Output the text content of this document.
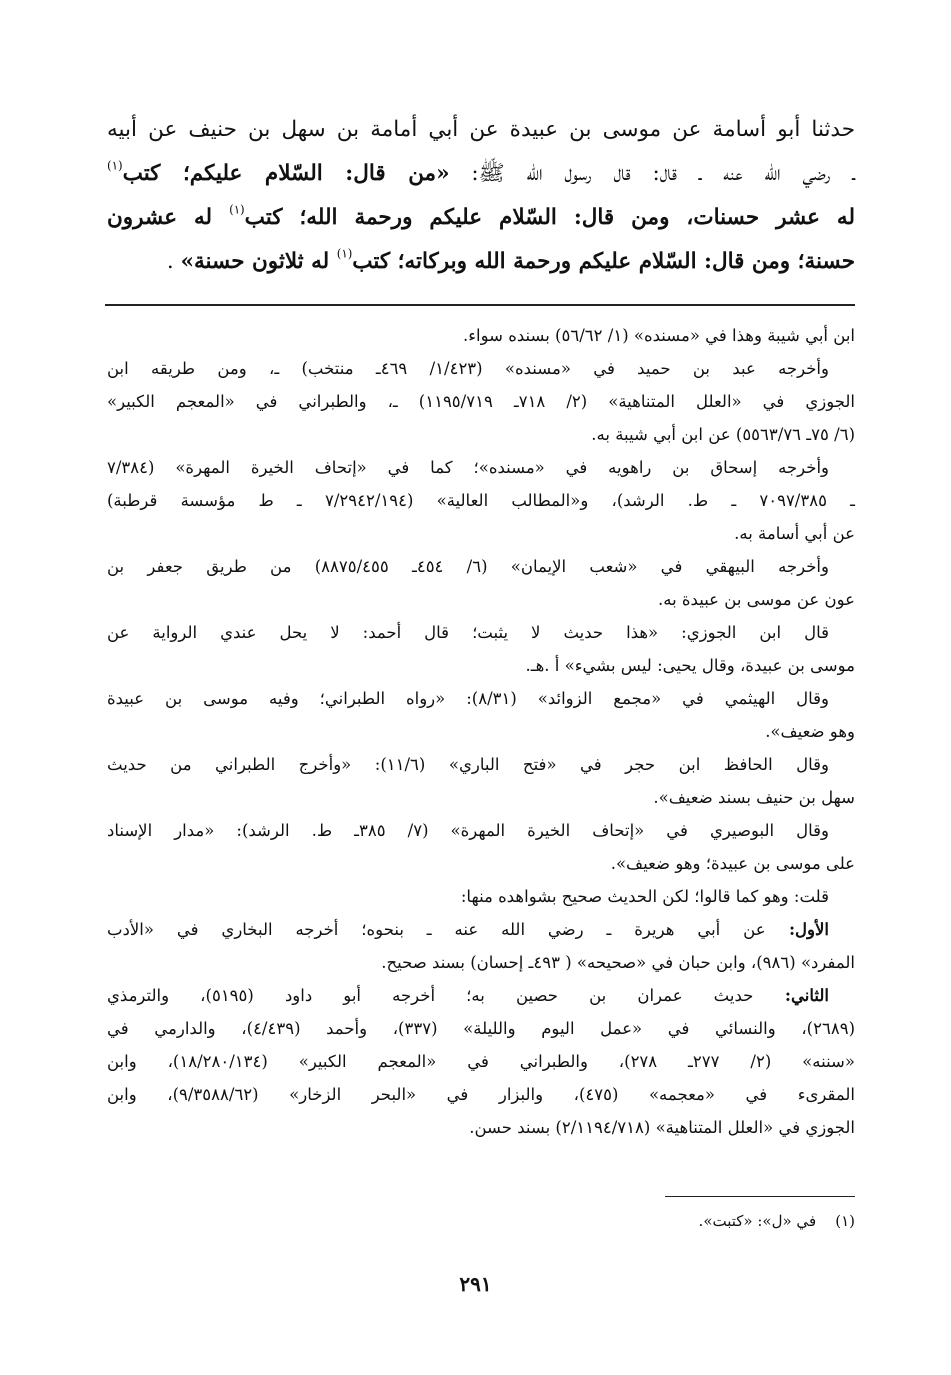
حدثنا أبو أسامة عن موسى بن عبيدة عن أبي أمامة بن سهل بن حنيف عن أبيه
ـ رضي الله عنه ـ قال: قال رسول الله ﷺ: «من قال: السّلام عليكم؛ كتب$^{(١)}$
له عشر حسنات، ومن قال: السّلام عليكم ورحمة الله؛ كتب$^{(١)}$ له عشرون
حسنة؛ ومن قال: السّلام عليكم ورحمة الله وبركاته؛ كتب$^{(١)}$ له ثلاثون حسنة» .
ابن أبي شيبة وهذا في «مسنده» (١/ ٥٦/٦٢) بسنده سواء.
وأخرجه عبد بن حميد في «مسنده» (١/٤٢٣/ ٤٦٩ـ منتخب) ـ، ومن طريقه ابن
الجوزي في «العلل المتناهية» (٢/ ٧١٨ـ ١١٩٥/٧١٩) ـ، والطبراني في «المعجم الكبير»
(٦/ ٧٥ـ ٥٥٦٣/٧٦) عن ابن أبي شيبة به.
وأخرجه إسحاق بن راهويه في «مسنده»؛ كما في «إتحاف الخيرة المهرة» (٧/٣٨٤
ـ ٧٠٩٧/٣٨٥ ـ ط. الرشد)، و«المطالب العالية» (٧/٢٩٤٢/١٩٤ ـ ط مؤسسة قرطبة)
عن أبي أسامة به.
وأخرجه البيهقي في «شعب الإيمان» (٦/ ٤٥٤ـ ٨٨٧٥/٤٥٥) من طريق جعفر بن
عون عن موسى بن عبيدة به.
قال ابن الجوزي: «هذا حديث لا يثبت؛ قال أحمد: لا يحل عندي الرواية عن
موسى بن عبيدة، وقال يحيى: ليس بشيء» أ .هـ.
وقال الهيثمي في «مجمع الزوائد» (٨/٣١): «رواه الطبراني؛ وفيه موسى بن عبيدة
وهو ضعيف».
وقال الحافظ ابن حجر في «فتح الباري» (١١/٦): «وأخرج الطبراني من حديث
سهل بن حنيف بسند ضعيف».
وقال البوصيري في «إتحاف الخيرة المهرة» (٧/ ٣٨٥ـ ط. الرشد): «مدار الإسناد
على موسى بن عبيدة؛ وهو ضعيف».
قلت: وهو كما قالوا؛ لكن الحديث صحيح بشواهده منها:
الأول: عن أبي هريرة ـ رضي الله عنه ـ بنحوه؛ أخرجه البخاري في «الأدب
المفرد» (٩٨٦)، وابن حبان في «صحيحه» ( ٤٩٣ـ إحسان) بسند صحيح.
الثاني: حديث عمران بن حصين به؛ أخرجه أبو داود (٥١٩٥)، والترمذي
(٢٦٨٩)، والنسائي في «عمل اليوم والليلة» (٣٣٧)، وأحمد (٤/٤٣٩)، والدارمي في
«سننه» (٢/ ٢٧٧ـ ٢٧٨)، والطبراني في «المعجم الكبير» (١٨/٢٨٠/١٣٤)، وابن
المقرىء في «معجمه» (٤٧٥)، والبزار في «البحر الزخار» (٩/٣٥٨٨/٦٢)، وابن
الجوزي في «العلل المتناهية» (٢/١١٩٤/٧١٨) بسند حسن.
(١)    في «ل»: «كتبت».
٢٩١
